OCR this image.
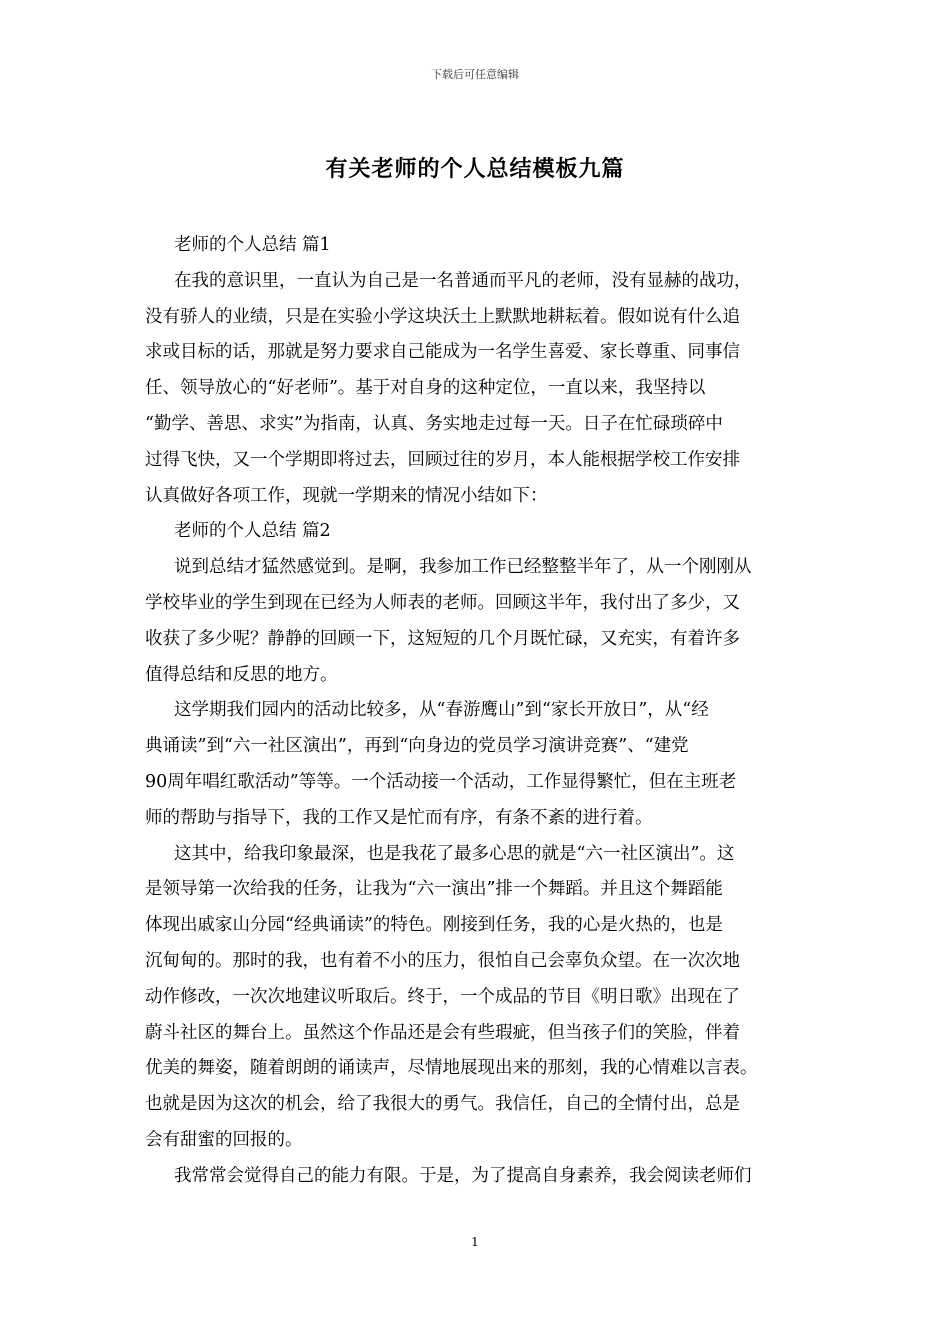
下载后可任意编辑
有关老师的个人总结模板九篇
老师的个人总结 篇1
在我的意识里，一直认为自己是一名普通而平凡的老师，没有显赫的战功，
没有骄人的业绩，只是在实验小学这块沃土上默默地耕耘着。假如说有什么追
求或目标的话，那就是努力要求自己能成为一名学生喜爱、家长尊重、同事信
任、领导放心的“好老师”。基于对自身的这种定位，一直以来，我坚持以
“勤学、善思、求实”为指南，认真、务实地走过每一天。日子在忙碌琐碎中
过得飞快，又一个学期即将过去，回顾过往的岁月，本人能根据学校工作安排
认真做好各项工作，现就一学期来的情况小结如下：
老师的个人总结 篇2
说到总结才猛然感觉到。是啊，我参加工作已经整整半年了，从一个刚刚从
学校毕业的学生到现在已经为人师表的老师。回顾这半年，我付出了多少，又
收获了多少呢？静静的回顾一下，这短短的几个月既忙碌，又充实，有着许多
值得总结和反思的地方。
这学期我们园内的活动比较多，从“春游鹰山”到“家长开放日”，从“经
典诵读”到“六一社区演出”，再到“向身边的党员学习演讲竞赛”、“建党
90周年唱红歌活动”等等。一个活动接一个活动，工作显得繁忙，但在主班老
师的帮助与指导下，我的工作又是忙而有序，有条不紊的进行着。
这其中，给我印象最深，也是我花了最多心思的就是“六一社区演出”。这
是领导第一次给我的任务，让我为“六一演出”排一个舞蹈。并且这个舞蹈能
体现出戚家山分园“经典诵读”的特色。刚接到任务，我的心是火热的，也是
沉甸甸的。那时的我，也有着不小的压力，很怕自己会辜负众望。在一次次地
动作修改，一次次地建议听取后。终于，一个成品的节目《明日歌》出现在了
蔚斗社区的舞台上。虽然这个作品还是会有些瑕疵，但当孩子们的笑脸，伴着
优美的舞姿，随着朗朗的诵读声，尽情地展现出来的那刻，我的心情难以言表。
也就是因为这次的机会，给了我很大的勇气。我信任，自己的全情付出，总是
会有甜蜜的回报的。
我常常会觉得自己的能力有限。于是，为了提高自身素养，我会阅读老师们
1
